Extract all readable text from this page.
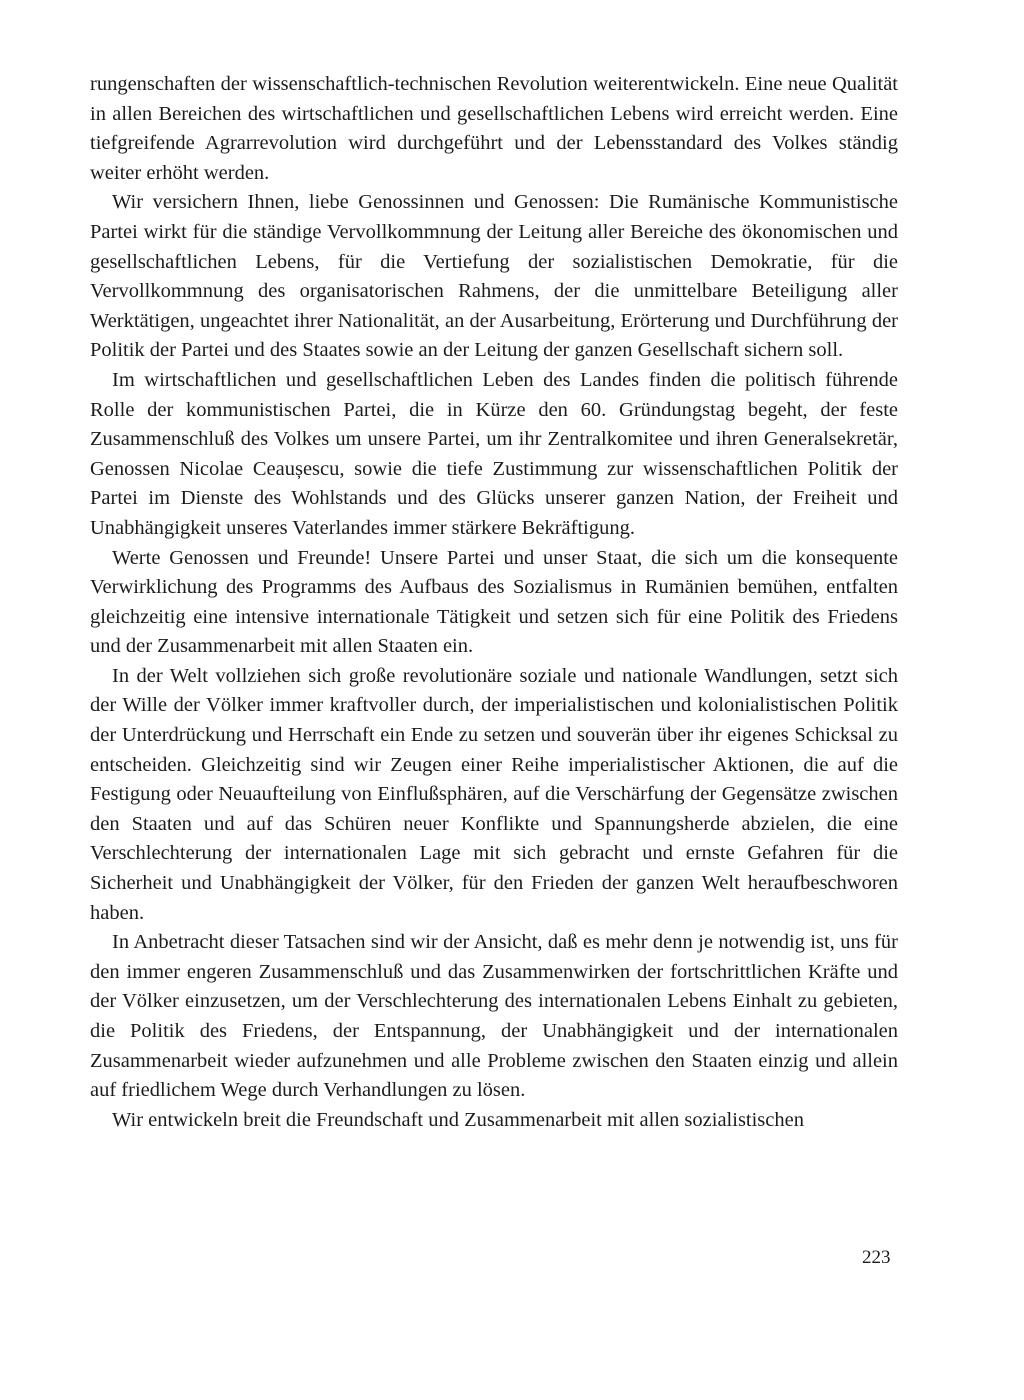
rungenschaften der wissenschaftlich-technischen Revolution weiterentwickeln. Eine neue Qualität in allen Bereichen des wirtschaftlichen und gesellschaftlichen Lebens wird erreicht werden. Eine tiefgreifende Agrarrevolution wird durchgeführt und der Lebensstandard des Volkes ständig weiter erhöht werden.

Wir versichern Ihnen, liebe Genossinnen und Genossen: Die Rumänische Kommunistische Partei wirkt für die ständige Vervollkommnung der Leitung aller Bereiche des ökonomischen und gesellschaftlichen Lebens, für die Vertiefung der sozialistischen Demokratie, für die Vervollkommnung des organisatorischen Rahmens, der die unmittelbare Beteiligung aller Werktätigen, ungeachtet ihrer Nationalität, an der Ausarbeitung, Erörterung und Durchführung der Politik der Partei und des Staates sowie an der Leitung der ganzen Gesellschaft sichern soll.

Im wirtschaftlichen und gesellschaftlichen Leben des Landes finden die politisch führende Rolle der kommunistischen Partei, die in Kürze den 60. Gründungstag begeht, der feste Zusammenschluß des Volkes um unsere Partei, um ihr Zentralkomitee und ihren Generalsekretär, Genossen Nicolae Ceaușescu, sowie die tiefe Zustimmung zur wissenschaftlichen Politik der Partei im Dienste des Wohlstands und des Glücks unserer ganzen Nation, der Freiheit und Unabhängigkeit unseres Vaterlandes immer stärkere Bekräftigung.

Werte Genossen und Freunde! Unsere Partei und unser Staat, die sich um die konsequente Verwirklichung des Programms des Aufbaus des Sozialismus in Rumänien bemühen, entfalten gleichzeitig eine intensive internationale Tätigkeit und setzen sich für eine Politik des Friedens und der Zusammenarbeit mit allen Staaten ein.

In der Welt vollziehen sich große revolutionäre soziale und nationale Wandlungen, setzt sich der Wille der Völker immer kraftvoller durch, der imperialistischen und kolonialistischen Politik der Unterdrückung und Herrschaft ein Ende zu setzen und souverän über ihr eigenes Schicksal zu entscheiden. Gleichzeitig sind wir Zeugen einer Reihe imperialistischer Aktionen, die auf die Festigung oder Neuaufteilung von Einflußsphären, auf die Verschärfung der Gegensätze zwischen den Staaten und auf das Schüren neuer Konflikte und Spannungsherde abzielen, die eine Verschlechterung der internationalen Lage mit sich gebracht und ernste Gefahren für die Sicherheit und Unabhängigkeit der Völker, für den Frieden der ganzen Welt heraufbeschworen haben.

In Anbetracht dieser Tatsachen sind wir der Ansicht, daß es mehr denn je notwendig ist, uns für den immer engeren Zusammenschluß und das Zusammenwirken der fortschrittlichen Kräfte und der Völker einzusetzen, um der Verschlechterung des internationalen Lebens Einhalt zu gebieten, die Politik des Friedens, der Entspannung, der Unabhängigkeit und der internationalen Zusammenarbeit wieder aufzunehmen und alle Probleme zwischen den Staaten einzig und allein auf friedlichem Wege durch Verhandlungen zu lösen.

Wir entwickeln breit die Freundschaft und Zusammenarbeit mit allen sozialistischen

223
